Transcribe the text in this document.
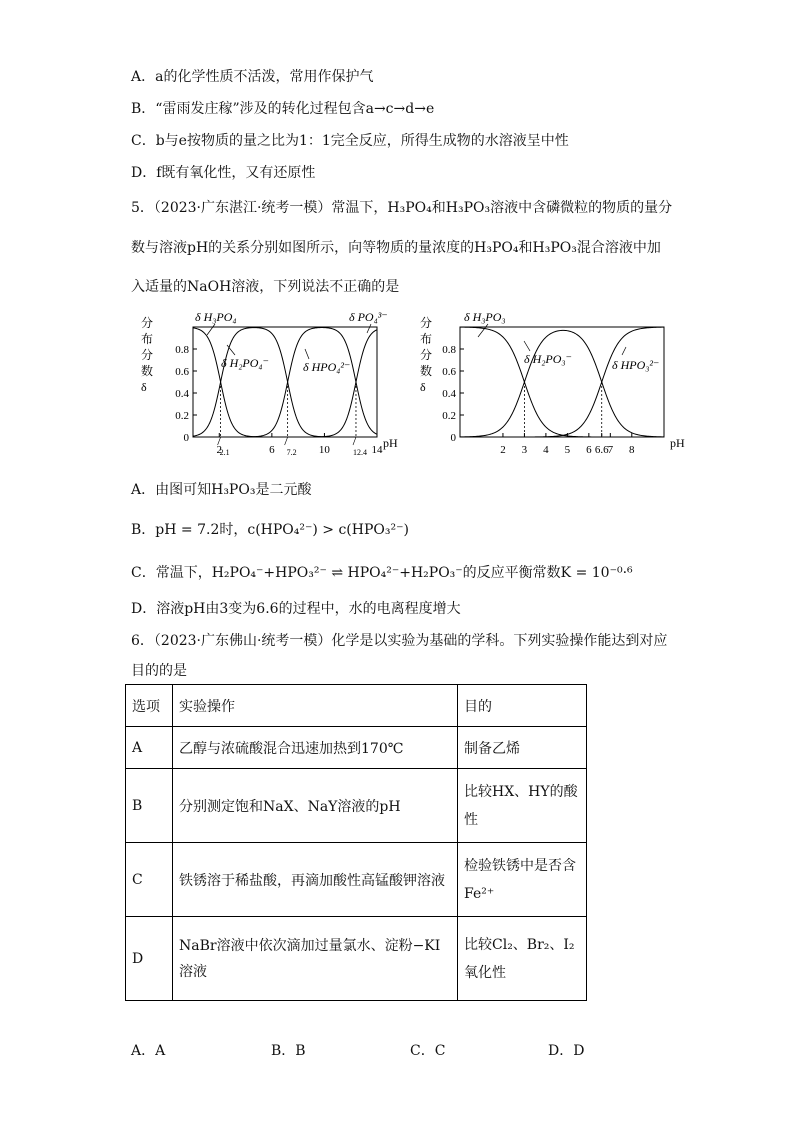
A．a的化学性质不活泼，常用作保护气
B．“雷雨发庄稼”涉及的转化过程包含a→c→d→e
C．b与e按物质的量之比为1：1完全反应，所得生成物的水溶液呈中性
D．f既有氧化性，又有还原性
5．（2023·广东湛江·统考一模）常温下，H₃PO₄和H₃PO₃溶液中含磷微粒的物质的量分
数与溶液pH的关系分别如图所示，向等物质的量浓度的H₃PO₄和H₃PO₃混合溶液中加
入适量的NaOH溶液，下列说法不正确的是
分
布
分
数
δ
0
0.2
0.4
0.6
0.8
2	6	10	14
2.1	7.2	12.4
pH
δ H₃PO₄
δ H₂PO₄⁻	δ HPO₄²⁻
δ PO₄³⁻	分
布
分
数
δ
0
0.2
0.4
0.6
0.8
2 3 4 5 6 6.6
7 8	pH
δ H₃PO₃
δ H₂PO₃⁻	δ HPO₃²⁻
A．由图可知H₃PO₃是二元酸
B．pH = 7.2时，c(HPO₄²⁻) > c(HPO₃²⁻)
C．常温下，H₂PO₄⁻+HPO₃²⁻ ⇌ HPO₄²⁻+H₂PO₃⁻的反应平衡常数K = 10⁻⁰·⁶
D．溶液pH由3变为6.6的过程中，水的电离程度增大
6．（2023·广东佛山·统考一模）化学是以实验为基础的学科。下列实验操作能达到对应
目的的是
选项	实验操作	目的
A	乙醇与浓硫酸混合迅速加热到170℃	制备乙烯
B	分别测定饱和NaX、NaY溶液的pH	比较HX、HY的酸性
C	铁锈溶于稀盐酸，再滴加酸性高锰酸钾溶液	检验铁锈中是否含Fe²⁺
D	NaBr溶液中依次滴加过量氯水、淀粉−KI溶液	比较Cl₂、Br₂、I₂氧化性
A．A	B．B	C．C	D．D
